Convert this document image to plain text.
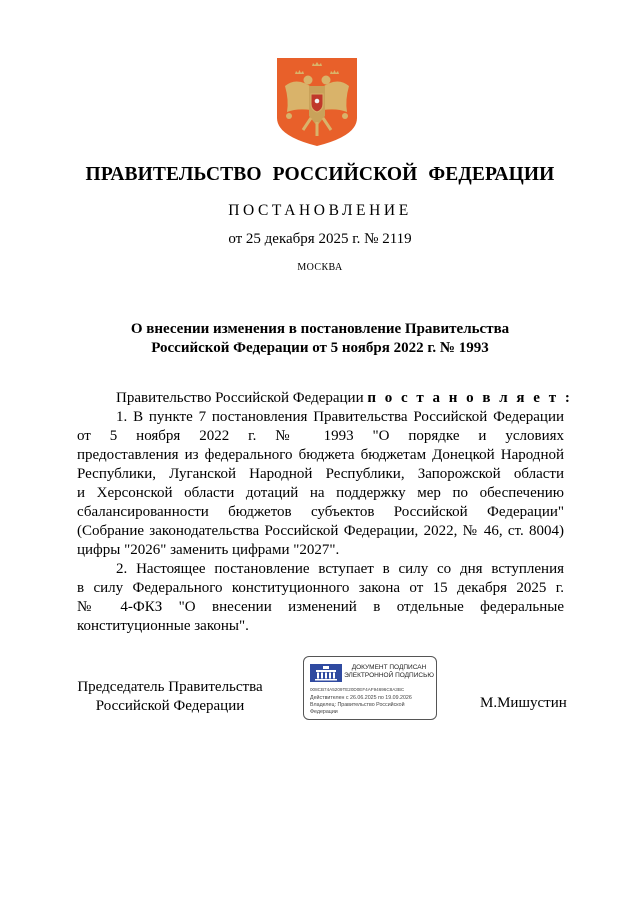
ПРАВИТЕЛЬСТВО РОССИЙСКОЙ ФЕДЕРАЦИИ
ПОСТАНОВЛЕНИЕ
от 25 декабря 2025 г. № 2119
МОСКВА
О внесении изменения в постановление Правительства
Российской Федерации от 5 ноября 2022 г. № 1993
Правительство Российской Федерации п о с т а н о в л я е т :
1. В пункте 7 постановления Правительства Российской Федерации
от 5 ноября 2022 г. № 1993 "О порядке и условиях
предоставления из федерального бюджета бюджетам Донецкой Народной
Республики, Луганской Народной Республики, Запорожской области
и Херсонской области дотаций на поддержку мер по обеспечению
сбалансированности бюджетов субъектов Российской Федерации"
(Собрание законодательства Российской Федерации, 2022, № 46, ст. 8004)
цифры "2026" заменить цифрами "2027".
2. Настоящее постановление вступает в силу со дня вступления
в силу Федерального конституционного закона от 15 декабря 2025 г.
№ 4-ФКЗ "О внесении изменений в отдельные федеральные
конституционные законы".
Председатель Правительства
Российской Федерации
ДОКУМЕНТ ПОДПИСАН
ЭЛЕКТРОННОЙ ПОДПИСЬЮ
008CB74A5209TE20D0EF4AF94696C8A3BC
Действителен с 26.06.2025 по 19.09.2026
Владелец: Правительство Российской
Федерации
М.Мишустин
